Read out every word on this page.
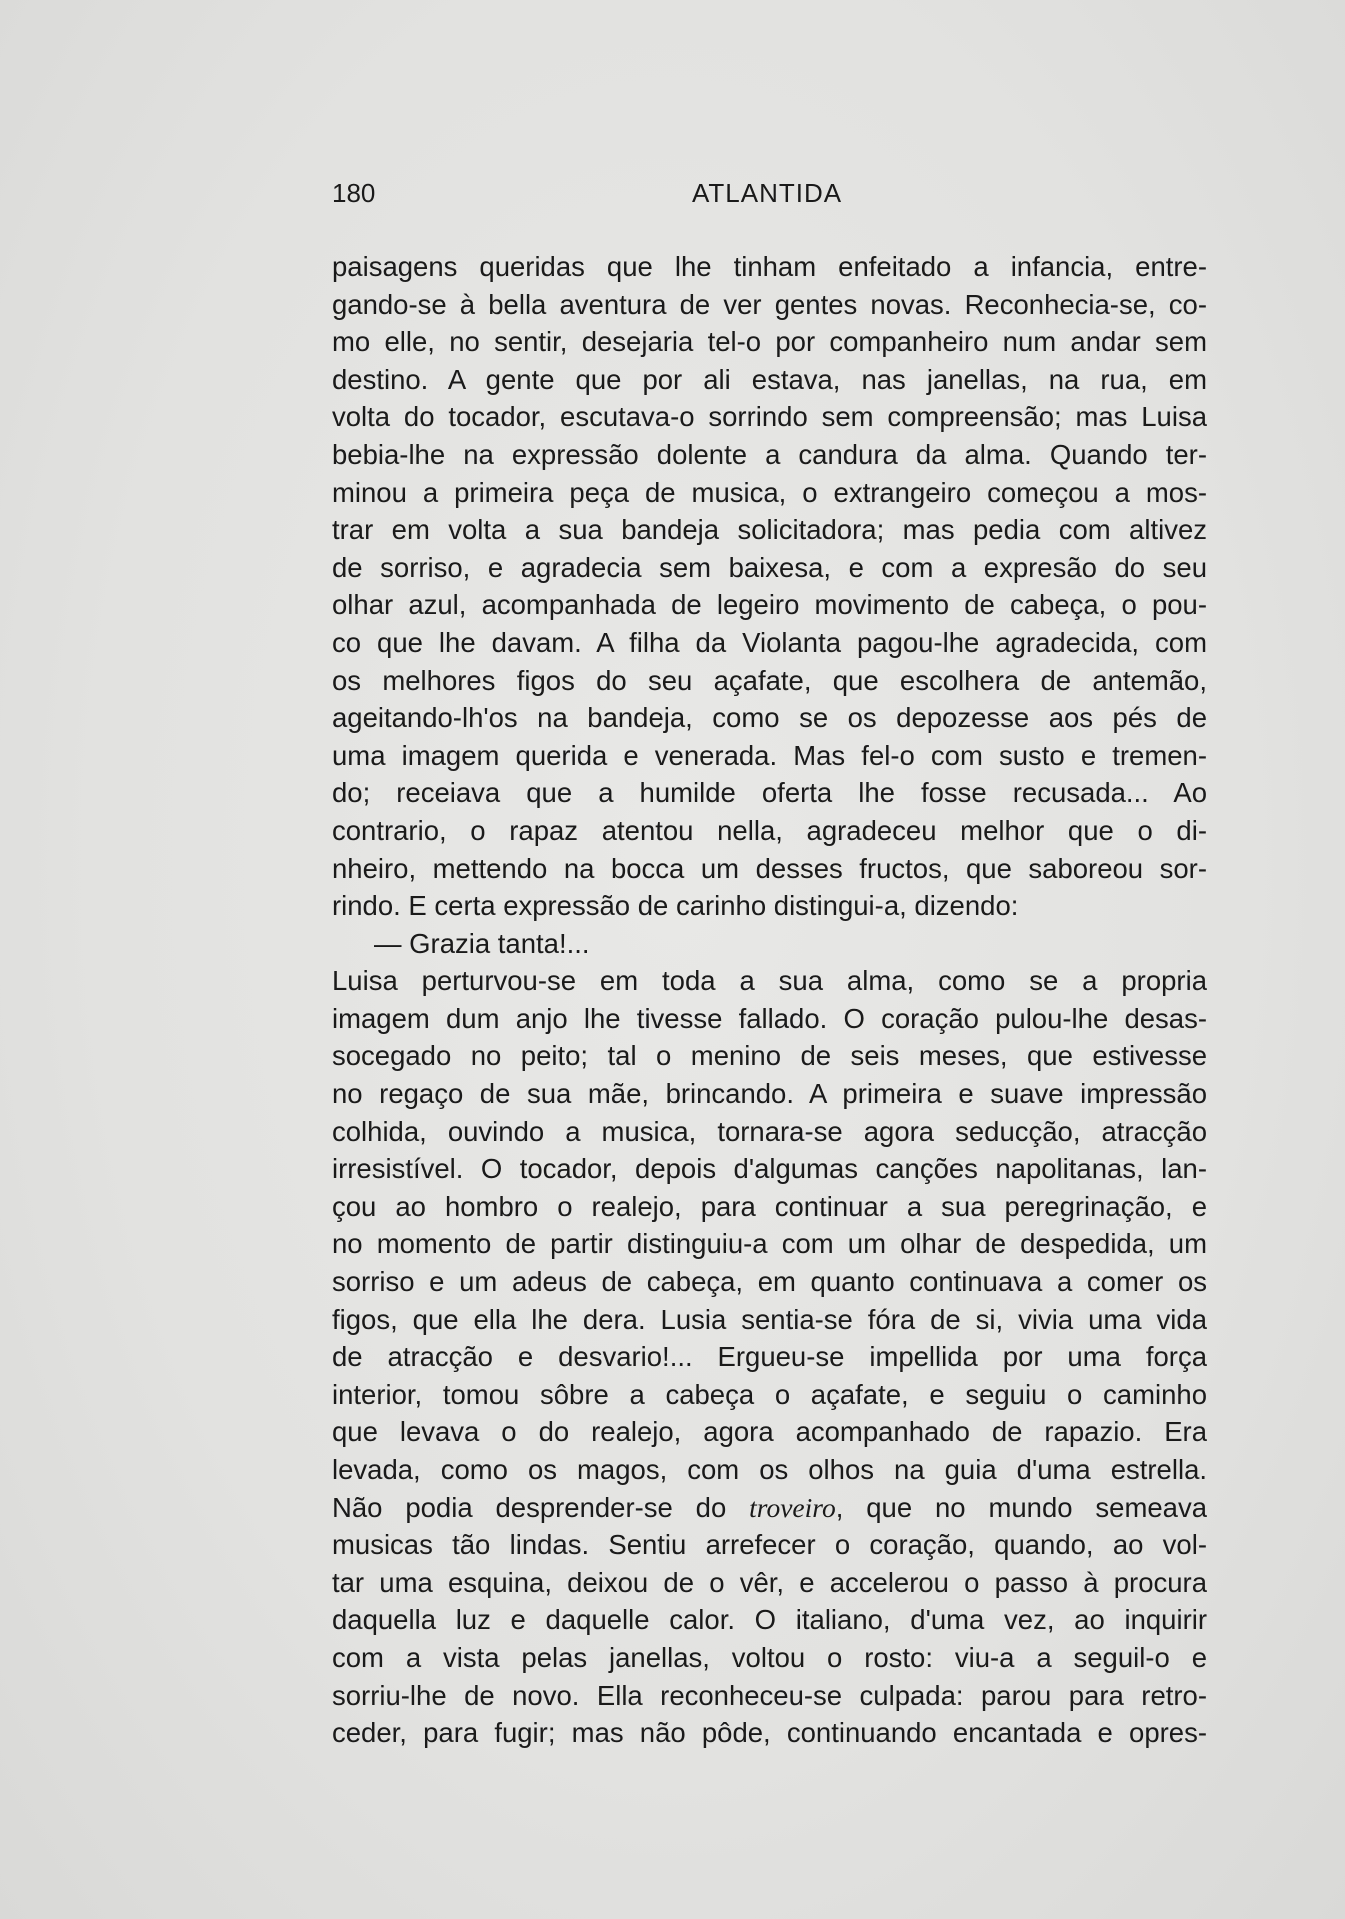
180	ATLANTIDA
paisagens queridas que lhe tinham enfeitado a infancia, entre-
gando-se à bella aventura de ver gentes novas. Reconhecia-se, co-
mo elle, no sentir, desejaria tel-o por companheiro num andar sem
destino. A gente que por ali estava, nas janellas, na rua, em
volta do tocador, escutava-o sorrindo sem compreensão; mas Luisa
bebia-lhe na expressão dolente a candura da alma. Quando ter-
minou a primeira peça de musica, o extrangeiro começou a mos-
trar em volta a sua bandeja solicitadora; mas pedia com altivez
de sorriso, e agradecia sem baixesa, e com a expresão do seu
olhar azul, acompanhada de legeiro movimento de cabeça, o pou-
co que lhe davam. A filha da Violanta pagou-lhe agradecida, com
os melhores figos do seu açafate, que escolhera de antemão,
ageitando-lh'os na bandeja, como se os depozesse aos pés de
uma imagem querida e venerada. Mas fel-o com susto e tremen-
do; receiava que a humilde oferta lhe fosse recusada... Ao
contrario, o rapaz atentou nella, agradeceu melhor que o di-
nheiro, mettendo na bocca um desses fructos, que saboreou sor-
rindo. E certa expressão de carinho distingui-a, dizendo:
— Grazia tanta!...
Luisa perturvou-se em toda a sua alma, como se a propria
imagem dum anjo lhe tivesse fallado. O coração pulou-lhe desas-
socegado no peito; tal o menino de seis meses, que estivesse
no regaço de sua mãe, brincando. A primeira e suave impressão
colhida, ouvindo a musica, tornara-se agora seducção, atracção
irresistível. O tocador, depois d'algumas canções napolitanas, lan-
çou ao hombro o realejo, para continuar a sua peregrinação, e
no momento de partir distinguiu-a com um olhar de despedida, um
sorriso e um adeus de cabeça, em quanto continuava a comer os
figos, que ella lhe dera. Lusia sentia-se fóra de si, vivia uma vida
de atracção e desvario!... Ergueu-se impellida por uma força
interior, tomou sôbre a cabeça o açafate, e seguiu o caminho
que levava o do realejo, agora acompanhado de rapazio. Era
levada, como os magos, com os olhos na guia d'uma estrella.
Não podia desprender-se do troveiro, que no mundo semeava
musicas tão lindas. Sentiu arrefecer o coração, quando, ao vol-
tar uma esquina, deixou de o vêr, e accelerou o passo à procura
daquella luz e daquelle calor. O italiano, d'uma vez, ao inquirir
com a vista pelas janellas, voltou o rosto: viu-a a seguil-o e
sorriu-lhe de novo. Ella reconheceu-se culpada: parou para retro-
ceder, para fugir; mas não pôde, continuando encantada e opres-
